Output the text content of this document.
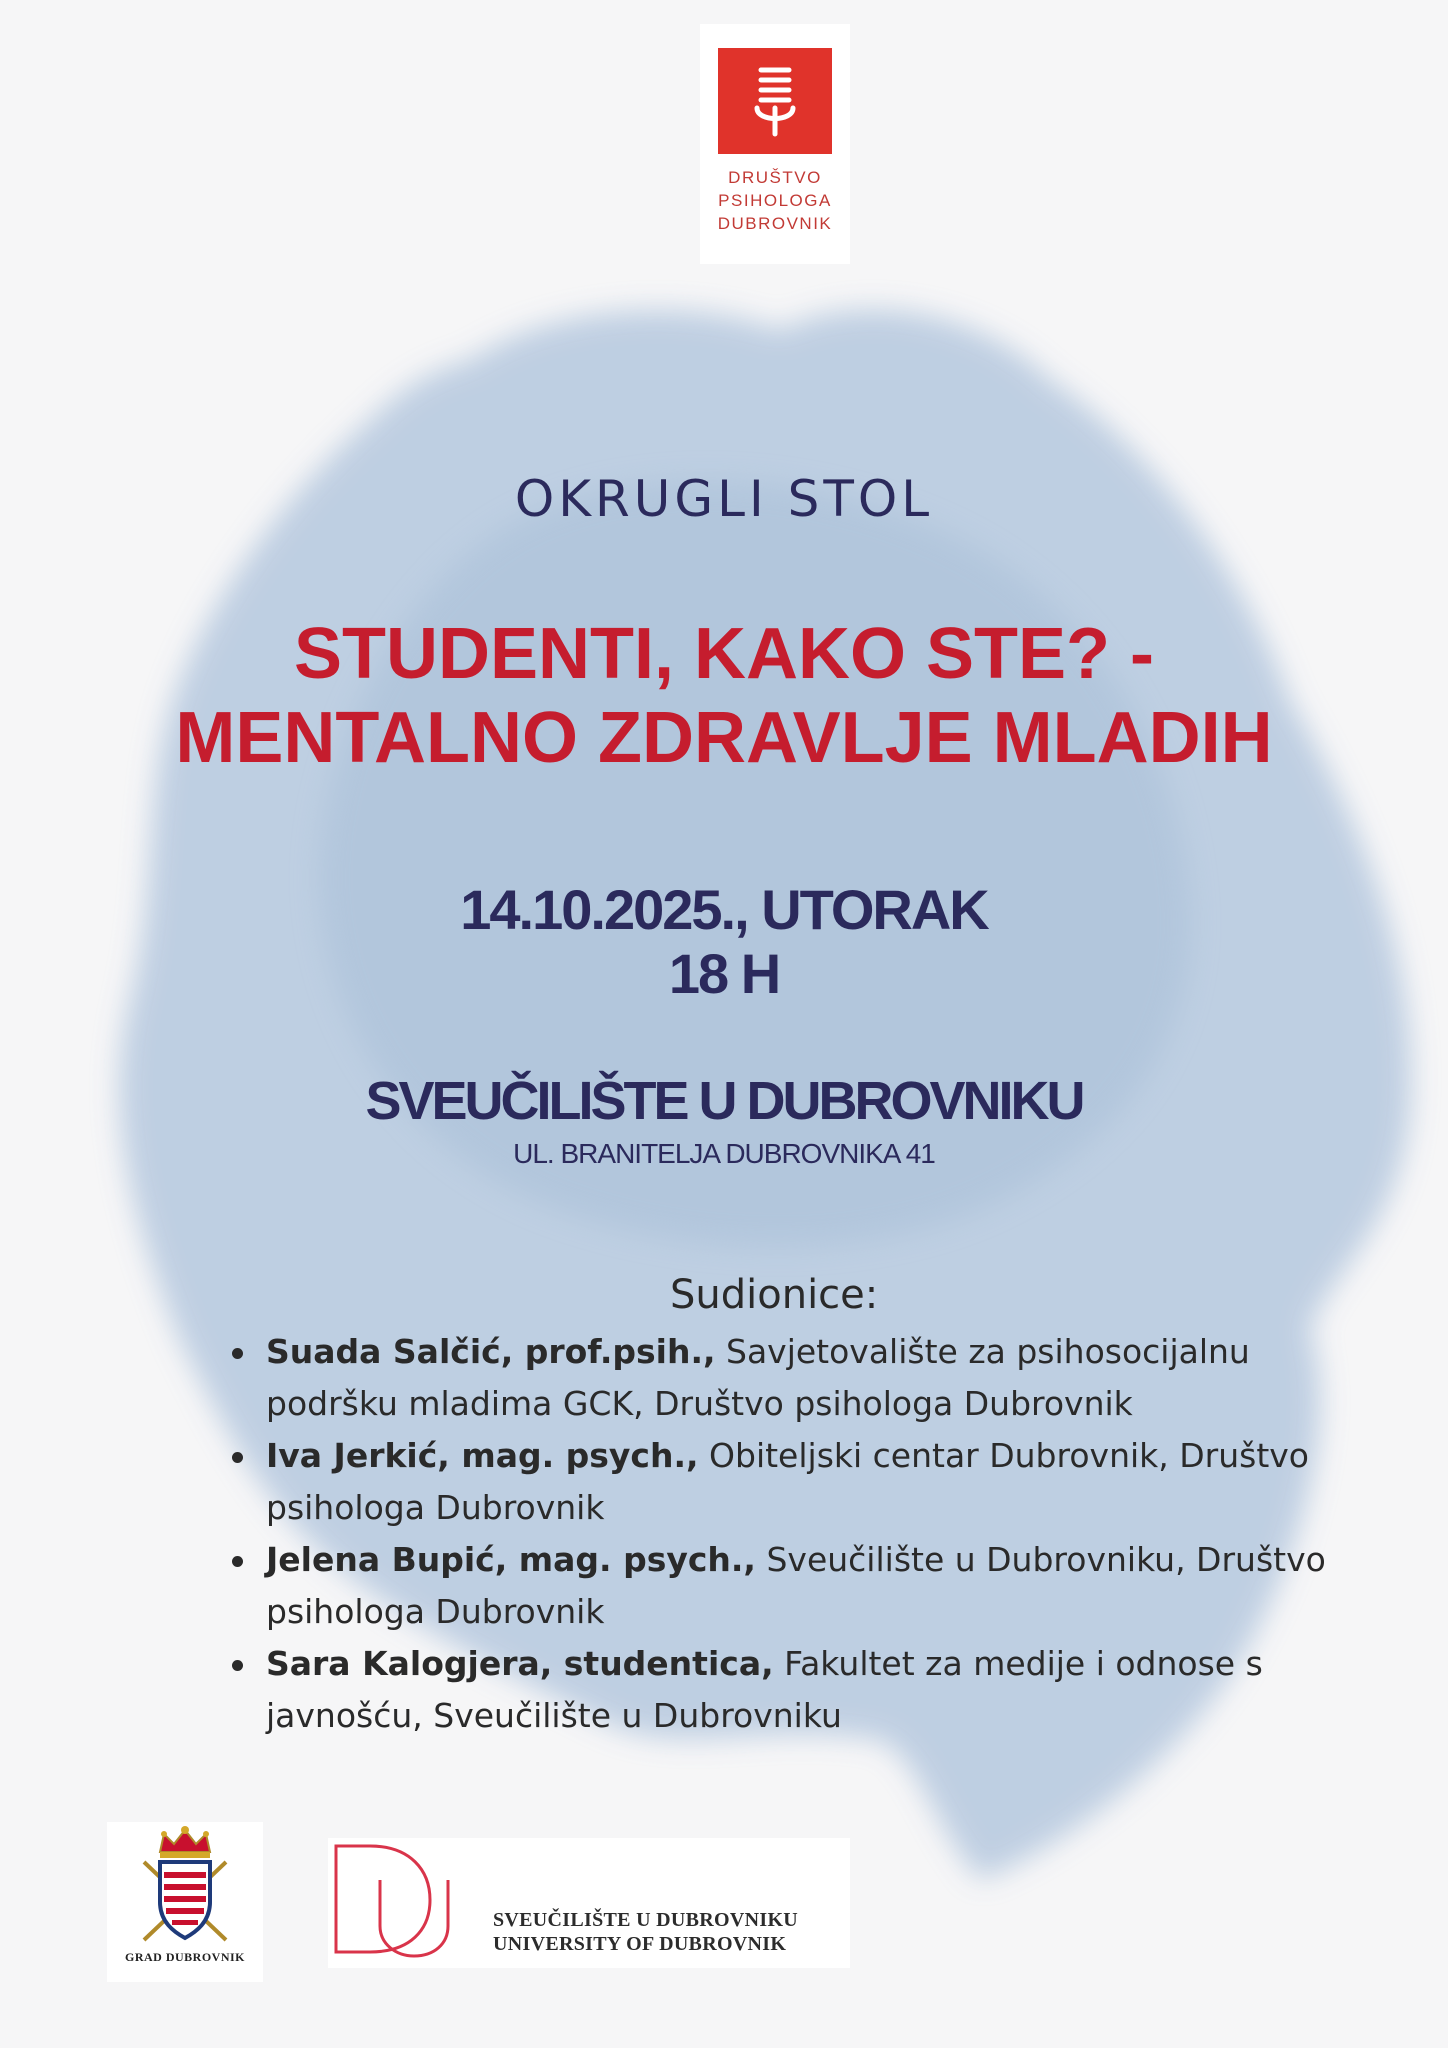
DRUŠTVO
PSIHOLOGA
DUBROVNIK
OKRUGLI STOL
STUDENTI, KAKO STE? -
MENTALNO ZDRAVLJE MLADIH
14.10.2025., UTORAK
18 H
SVEUČILIŠTE U DUBROVNIKU
UL. BRANITELJA DUBROVNIKA 41
Sudionice:
Suada Salčić, prof.psih., Savjetovalište za psihosocijalnu podršku mladima GCK, Društvo psihologa Dubrovnik
Iva Jerkić, mag. psych., Obiteljski centar Dubrovnik, Društvo psihologa Dubrovnik
Jelena Bupić, mag. psych., Sveučilište u Dubrovniku, Društvo psihologa Dubrovnik
Sara Kalogjera, studentica, Fakultet za medije i odnose s javnošću, Sveučilište u Dubrovniku
GRAD DUBROVNIK
SVEUČILIŠTE U DUBROVNIKU
UNIVERSITY OF DUBROVNIK
